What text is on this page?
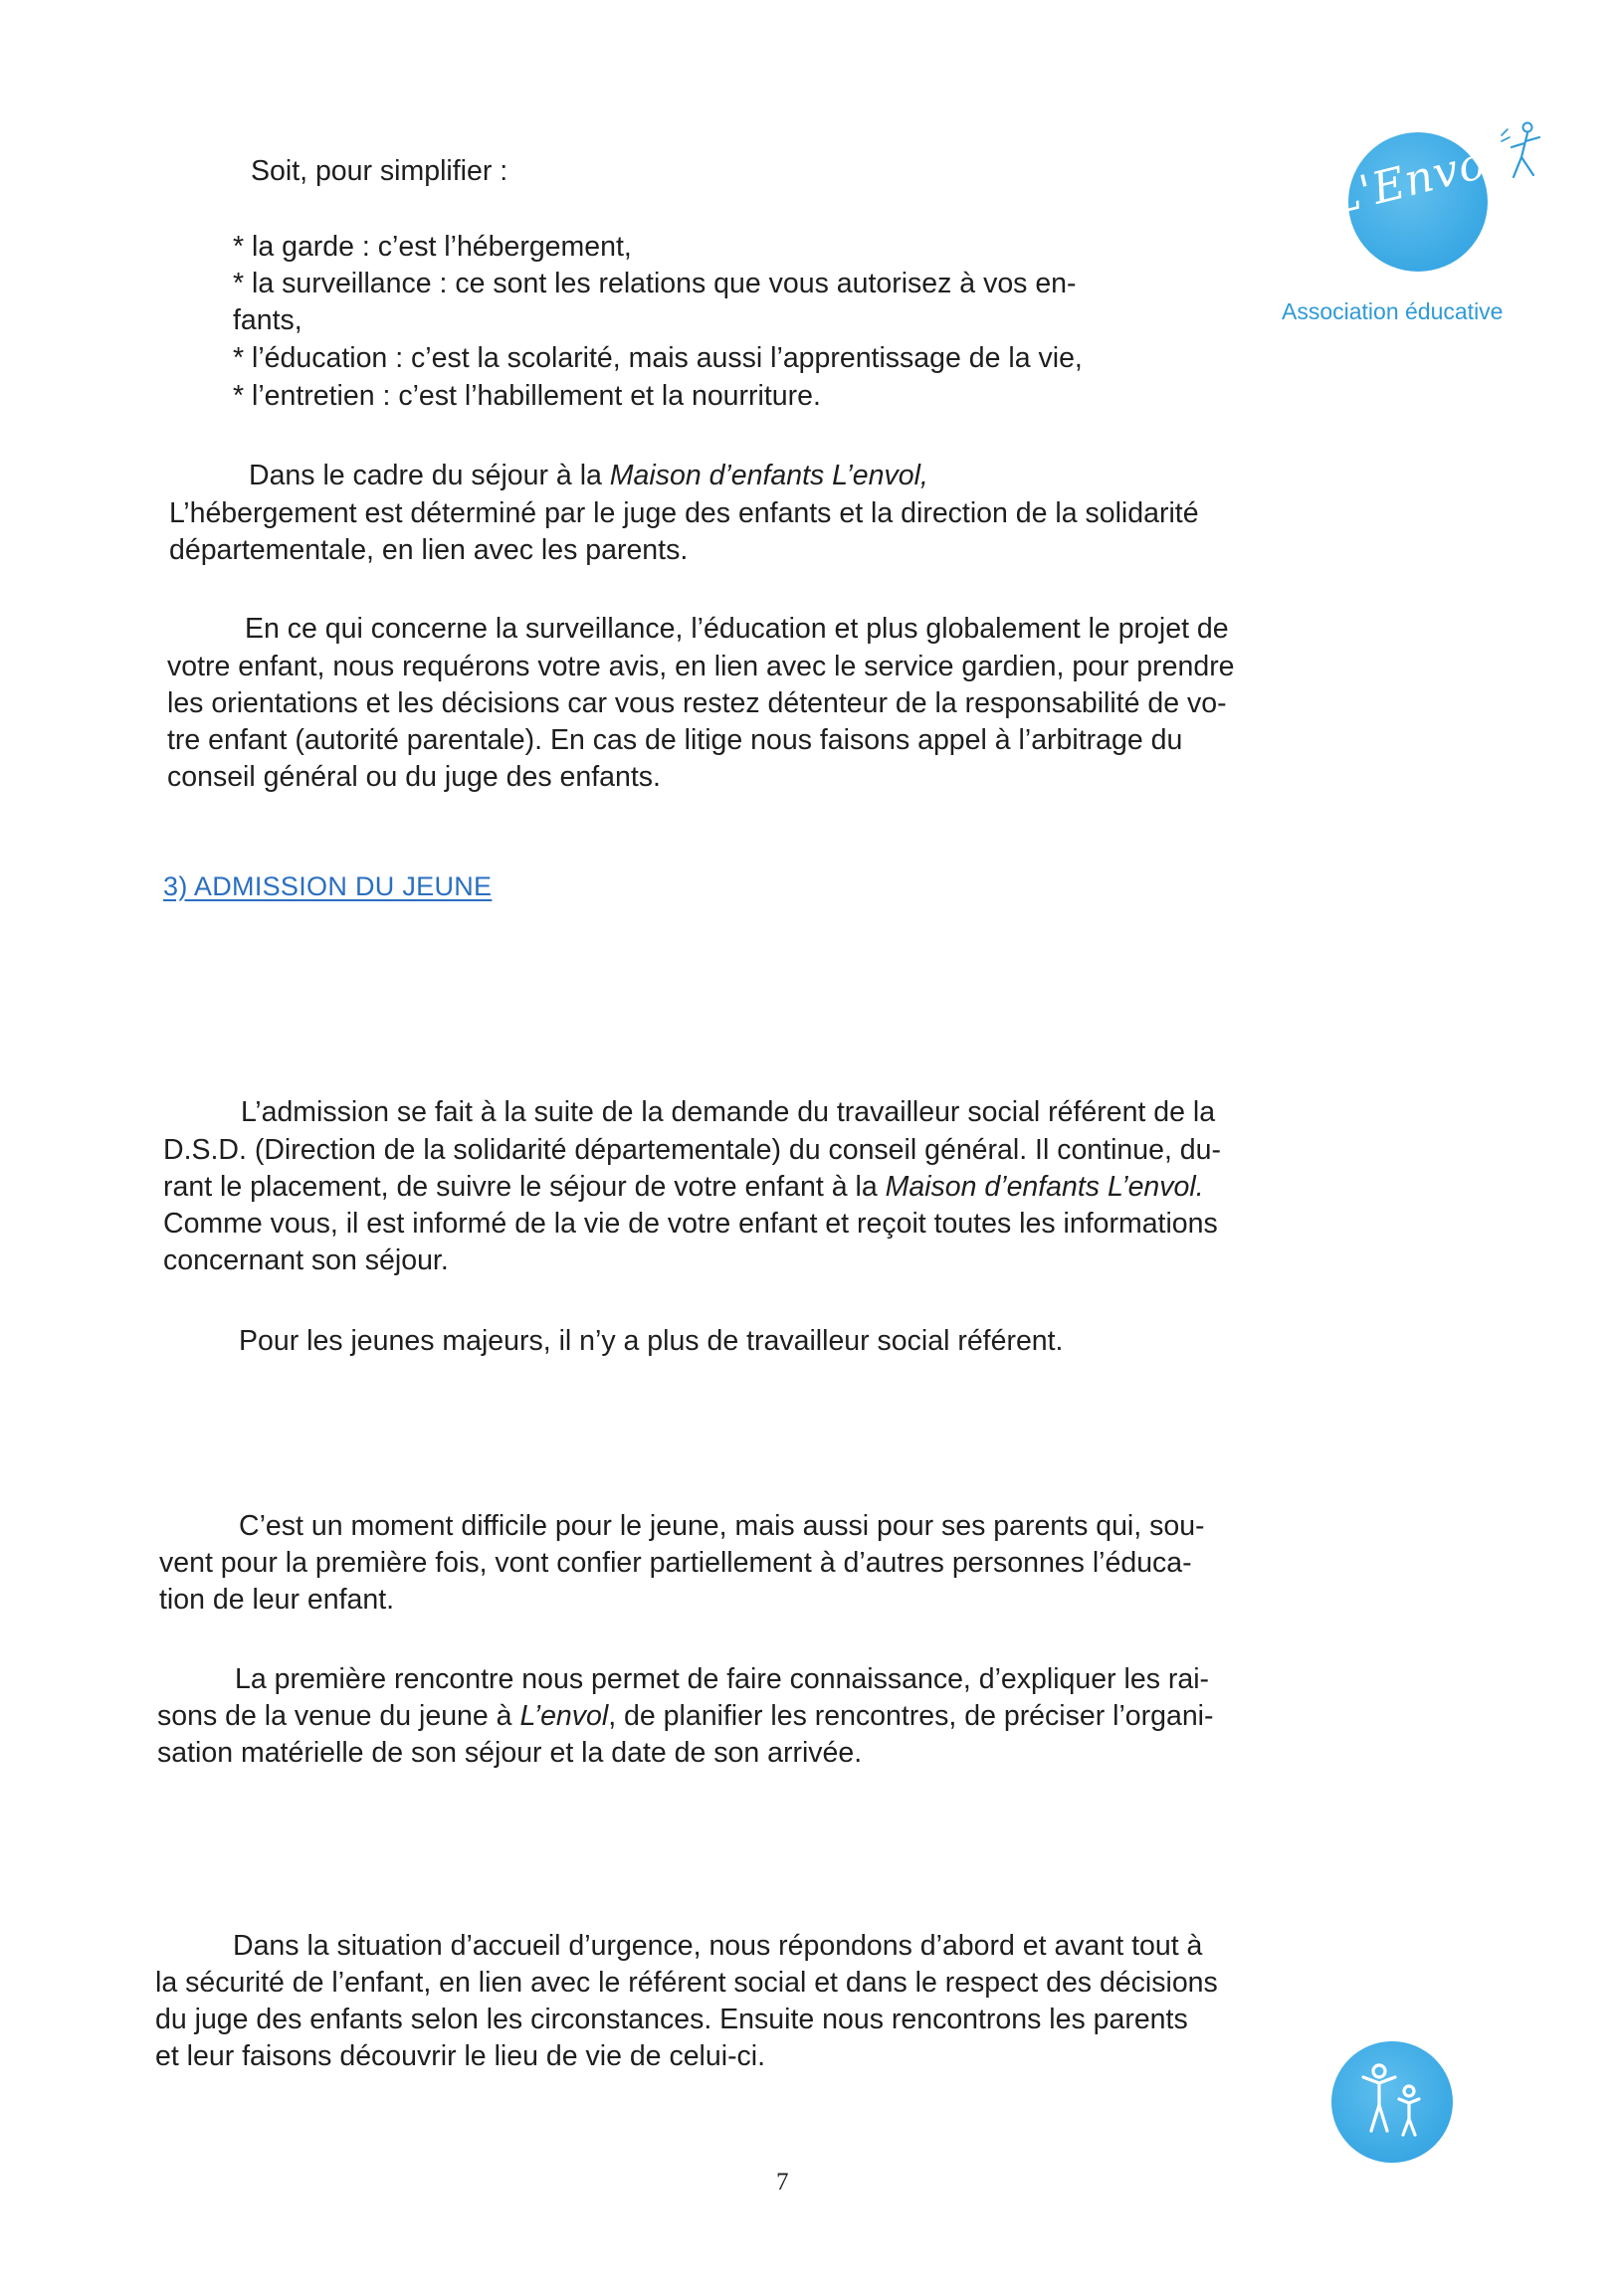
L'Envol
Association éducative

Soit, pour simplifier :

* la garde : c’est l’hébergement,

* la surveillance : ce sont les relations que vous autorisez à vos en-

fants,

* l’éducation : c’est la scolarité, mais aussi l’apprentissage de la vie,

* l’entretien : c’est l’habillement et la nourriture.

Dans le cadre du séjour à la Maison d’enfants L’envol,

L’hébergement est déterminé par le juge des enfants et la direction de la solidarité

départementale, en lien avec les parents.

En ce qui concerne la surveillance, l’éducation et plus globalement le projet de

votre enfant, nous requérons votre avis, en lien avec le service gardien, pour prendre

les orientations et les décisions car vous restez détenteur de la responsabilité de vo-

tre enfant (autorité parentale). En cas de litige nous faisons appel à l’arbitrage du

conseil général ou du juge des enfants.

3) ADMISSION DU JEUNE

L’admission se fait à la suite de la demande du travailleur social référent de la

D.S.D. (Direction de la solidarité départementale) du conseil général. Il continue, du-

rant le placement, de suivre le séjour de votre enfant à la Maison d’enfants L’envol.

Comme vous, il est informé de la vie de votre enfant et reçoit toutes les informations

concernant son séjour.

Pour les jeunes majeurs, il n’y a plus de travailleur social référent.

C’est un moment difficile pour le jeune, mais aussi pour ses parents qui, sou-

vent pour la première fois, vont confier partiellement à d’autres personnes l’éduca-

tion de leur enfant.

La première rencontre nous permet de faire connaissance, d’expliquer les rai-

sons de la venue du jeune à L’envol, de planifier les rencontres, de préciser l’organi-

sation matérielle de son séjour et la date de son arrivée.

Dans la situation d’accueil d’urgence, nous répondons d’abord et avant tout à

la sécurité de l’enfant, en lien avec le référent social et dans le respect des décisions

du juge des enfants selon les circonstances. Ensuite nous rencontrons les parents

et leur faisons découvrir le lieu de vie de celui-ci.

7
